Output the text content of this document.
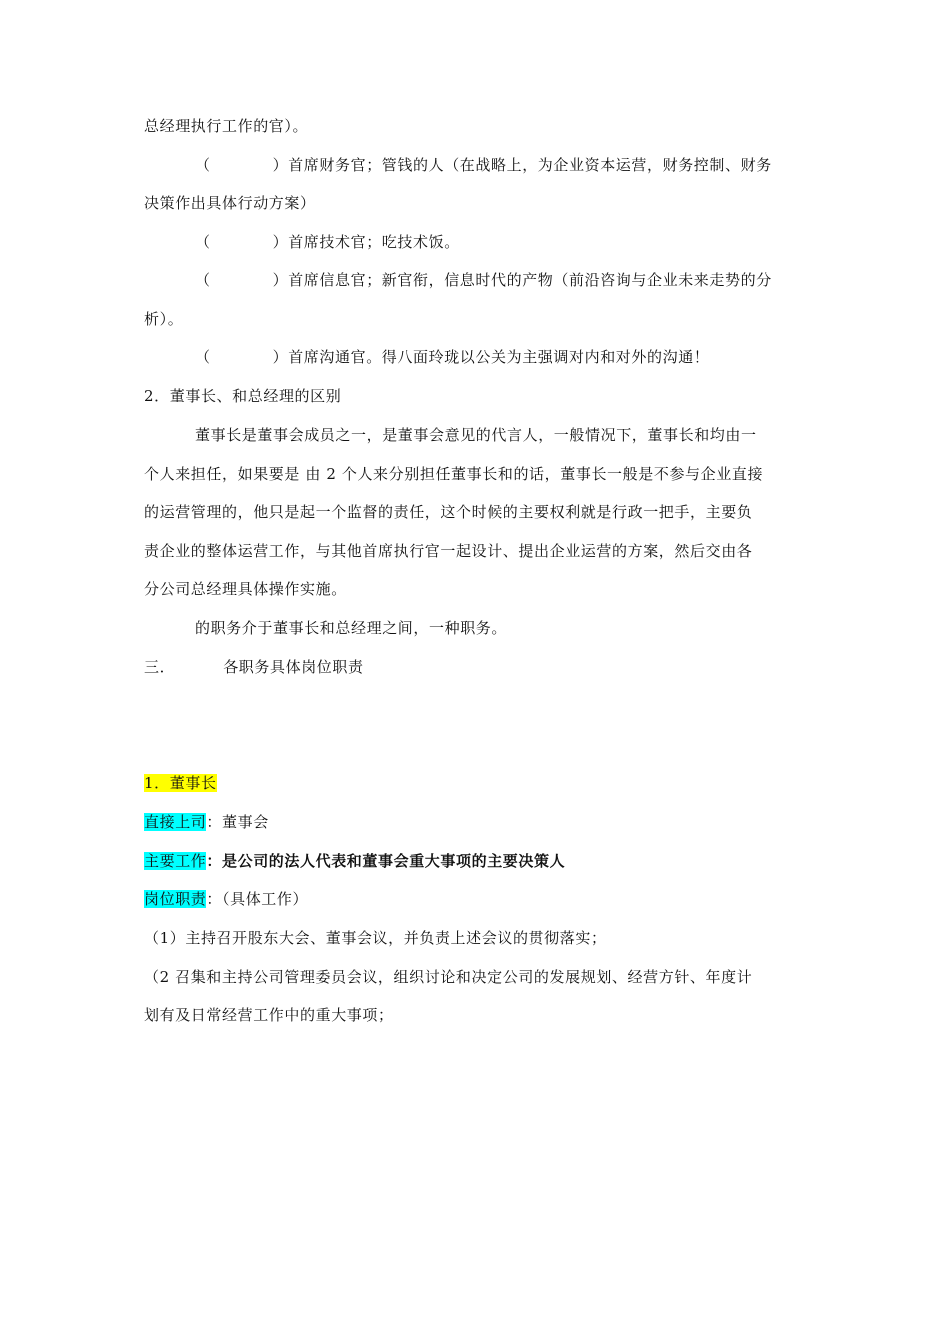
总经理执行工作的官）。
（	）首席财务官；管钱的人（在战略上，为企业资本运营，财务控制、财务
决策作出具体行动方案）
（	）首席技术官；吃技术饭。
（	）首席信息官；新官衔，信息时代的产物（前沿咨询与企业未来走势的分
析）。
（	）首席沟通官。得八面玲珑以公关为主强调对内和对外的沟通！
2．董事长、和总经理的区别
董事长是董事会成员之一，是董事会意见的代言人，一般情况下，董事长和均由一
个人来担任，如果要是 由 2 个人来分别担任董事长和的话，董事长一般是不参与企业直接
的运营管理的，他只是起一个监督的责任，这个时候的主要权利就是行政一把手，主要负
责企业的整体运营工作，与其他首席执行官一起设计、提出企业运营的方案，然后交由各
分公司总经理具体操作实施。
的职务介于董事长和总经理之间，一种职务。
三．	各职务具体岗位职责
1．董事长
直接上司：董事会
主要工作：是公司的法人代表和董事会重大事项的主要决策人
岗位职责：（具体工作）
（1）主持召开股东大会、董事会议，并负责上述会议的贯彻落实；
（2 召集和主持公司管理委员会议，组织讨论和决定公司的发展规划、经营方针、年度计
划有及日常经营工作中的重大事项；
